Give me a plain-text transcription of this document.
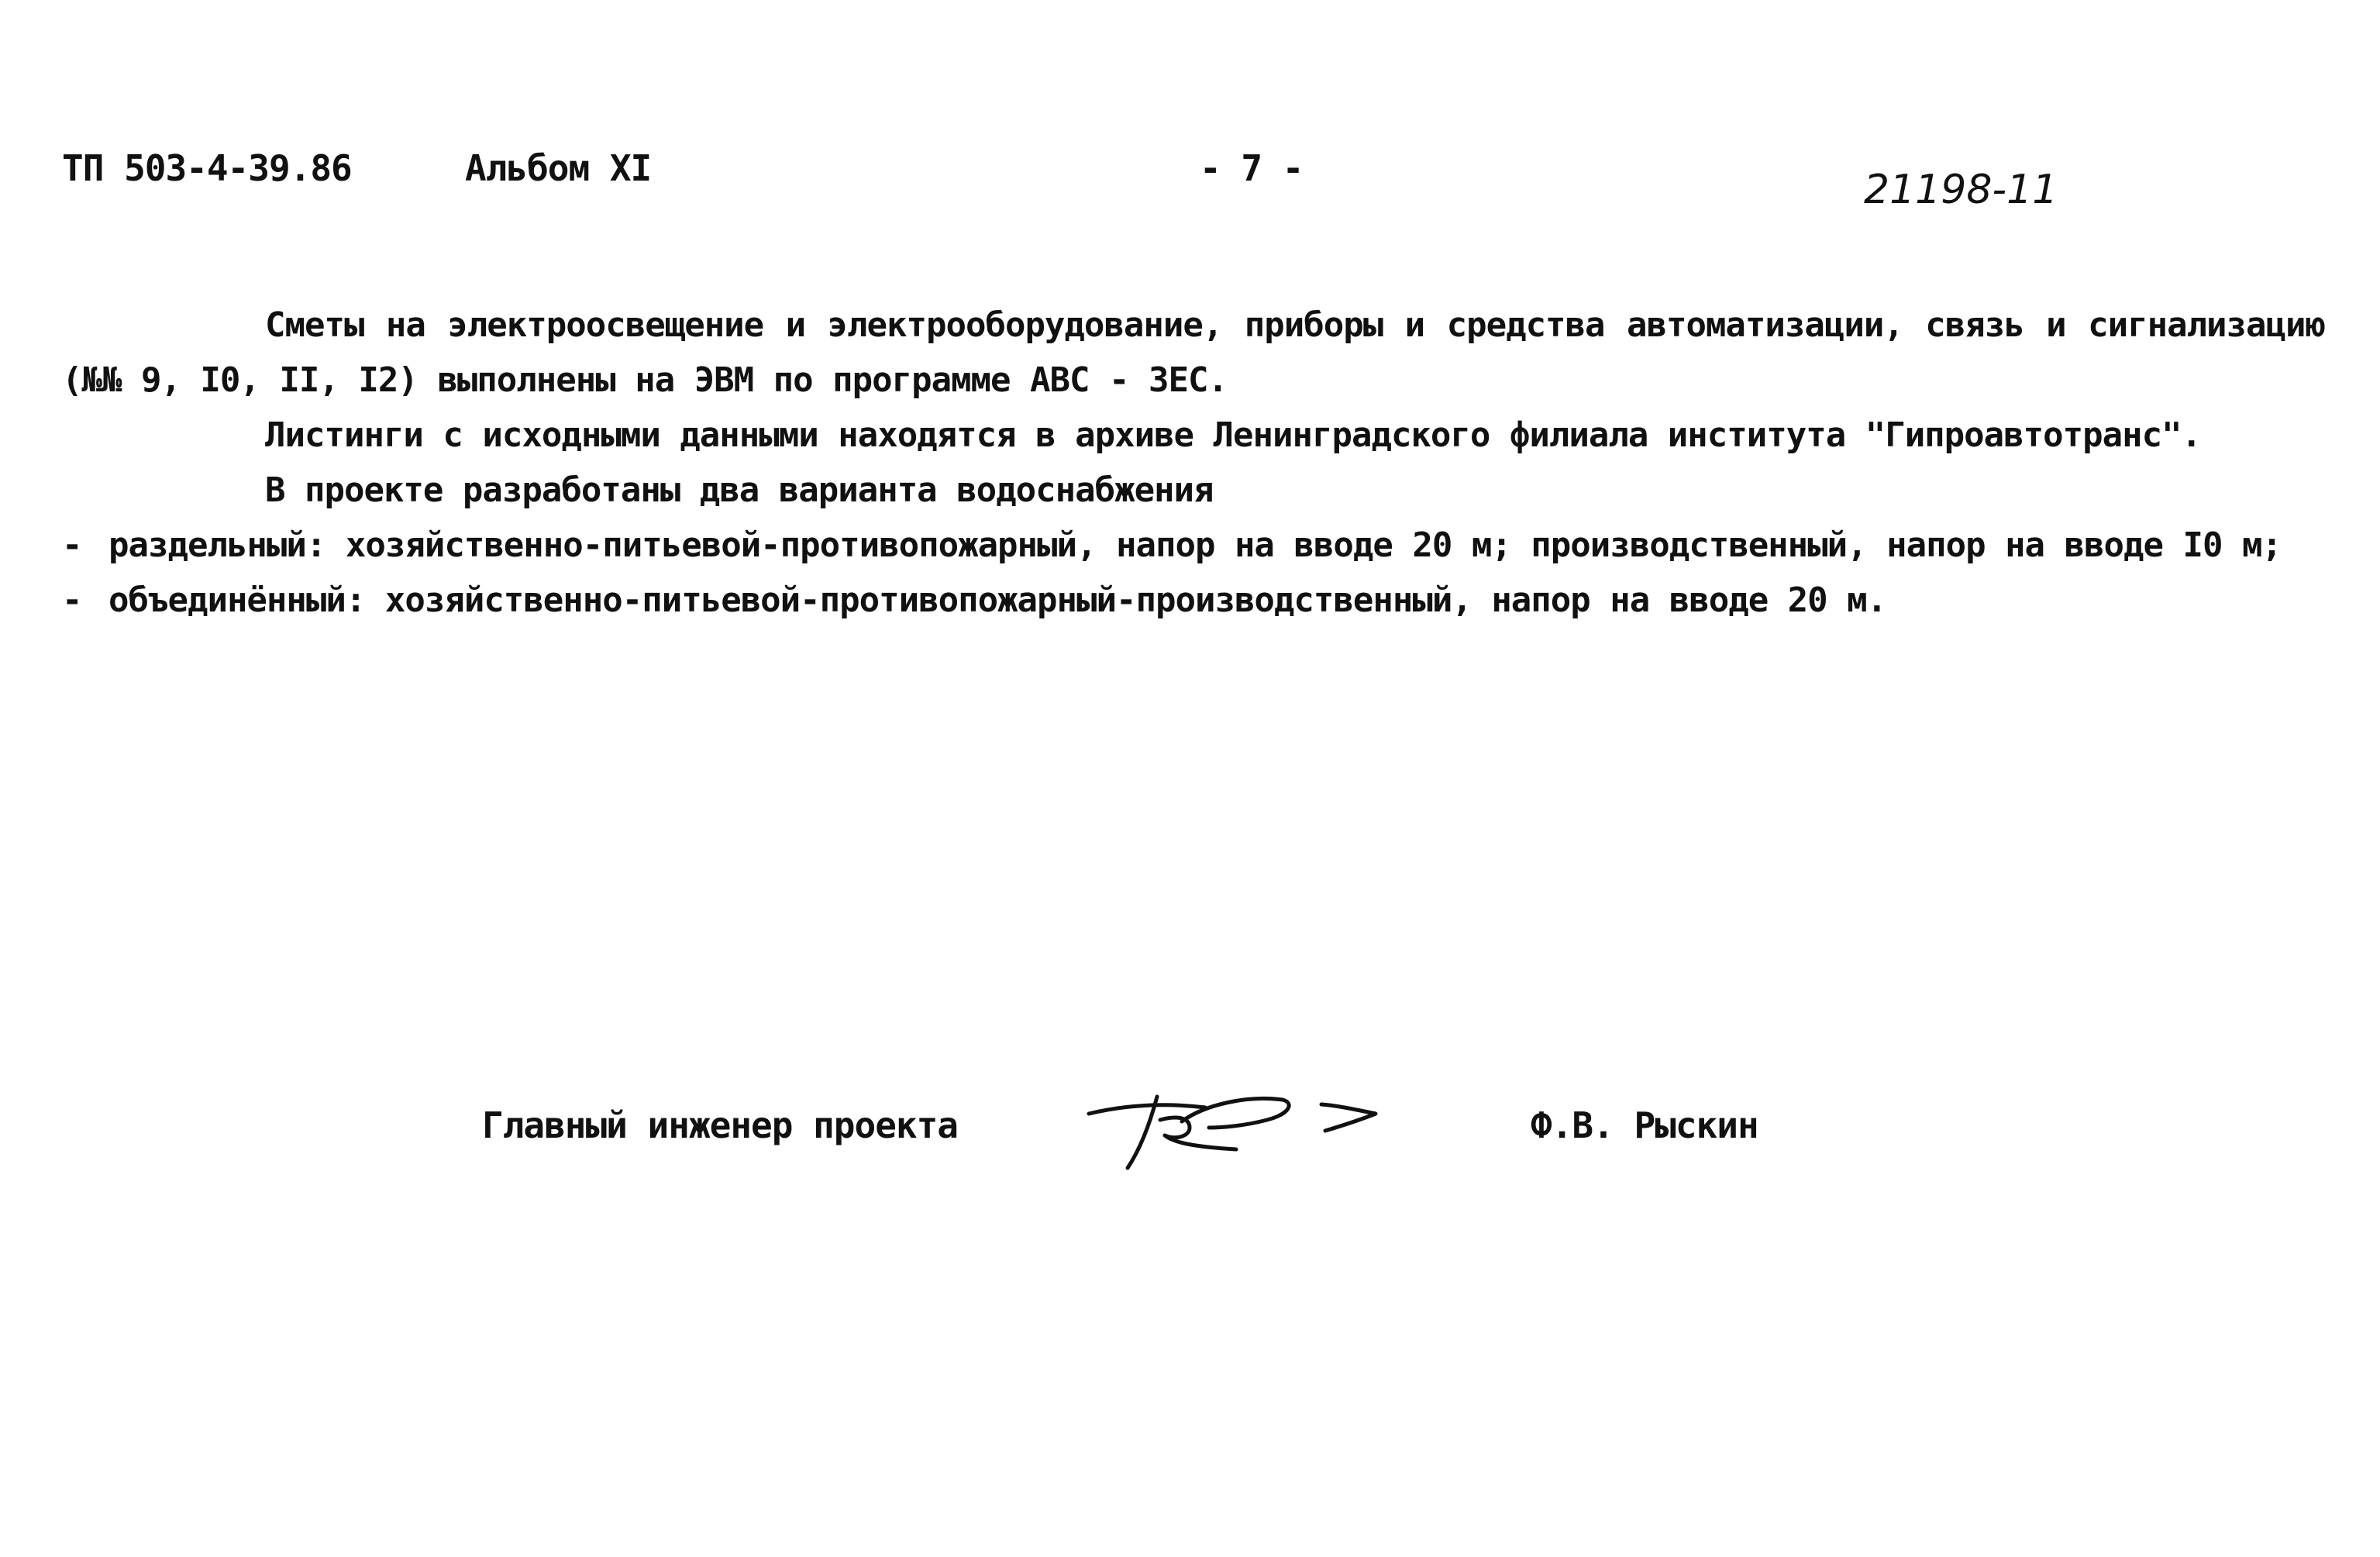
ТП 503-4-39.86	Альбом XI	- 7 -	21198-11

Сметы на электроосвещение и электрооборудование, приборы и средства автоматизации, связь и сигнализацию (№№ 9, I0, II, I2) выполнены на ЭВМ по программе АВС - 3ЕС.

Листинги с исходными данными находятся в архиве Ленинградского филиала института "Гипроавтотранс".

В проекте разработаны два варианта водоснабжения

- раздельный: хозяйственно-питьевой-противопожарный, напор на вводе 20 м; производственный, напор на вводе I0 м;

- объединённый: хозяйственно-питьевой-противопожарный-производственный, напор на вводе 20 м.

Главный инженер проекта	Ф.В. Рыскин
